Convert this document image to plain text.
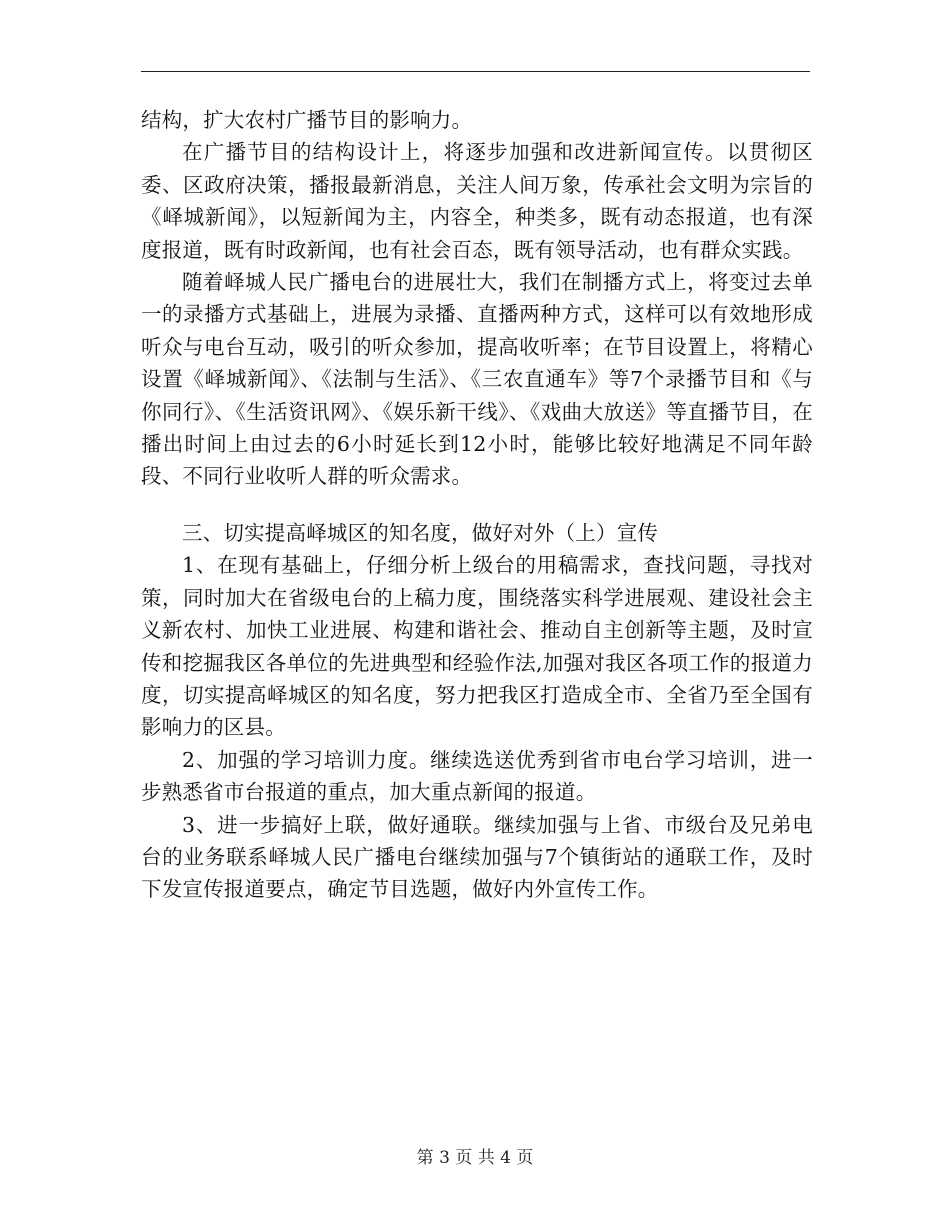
结构，扩大农村广播节目的影响力。

在广播节目的结构设计上，将逐步加强和改进新闻宣传。以贯彻区委、区政府决策，播报最新消息，关注人间万象，传承社会文明为宗旨的《峄城新闻》，以短新闻为主，内容全，种类多，既有动态报道，也有深度报道，既有时政新闻，也有社会百态，既有领导活动，也有群众实践。

随着峄城人民广播电台的进展壮大，我们在制播方式上，将变过去单一的录播方式基础上，进展为录播、直播两种方式，这样可以有效地形成听众与电台互动，吸引的听众参加，提高收听率；在节目设置上，将精心设置《峄城新闻》、《法制与生活》、《三农直通车》等7个录播节目和《与你同行》、《生活资讯网》、《娱乐新干线》、《戏曲大放送》等直播节目，在播出时间上由过去的6小时延长到12小时，能够比较好地满足不同年龄段、不同行业收听人群的听众需求。

三、切实提高峄城区的知名度，做好对外（上）宣传

1、在现有基础上，仔细分析上级台的用稿需求，查找问题，寻找对策，同时加大在省级电台的上稿力度，围绕落实科学进展观、建设社会主义新农村、加快工业进展、构建和谐社会、推动自主创新等主题，及时宣传和挖掘我区各单位的先进典型和经验作法,加强对我区各项工作的报道力度，切实提高峄城区的知名度，努力把我区打造成全市、全省乃至全国有影响力的区县。

2、加强的学习培训力度。继续选送优秀到省市电台学习培训，进一步熟悉省市台报道的重点，加大重点新闻的报道。

3、进一步搞好上联，做好通联。继续加强与上省、市级台及兄弟电台的业务联系峄城人民广播电台继续加强与7个镇街站的通联工作，及时下发宣传报道要点，确定节目选题，做好内外宣传工作。

第 3 页 共 4 页
